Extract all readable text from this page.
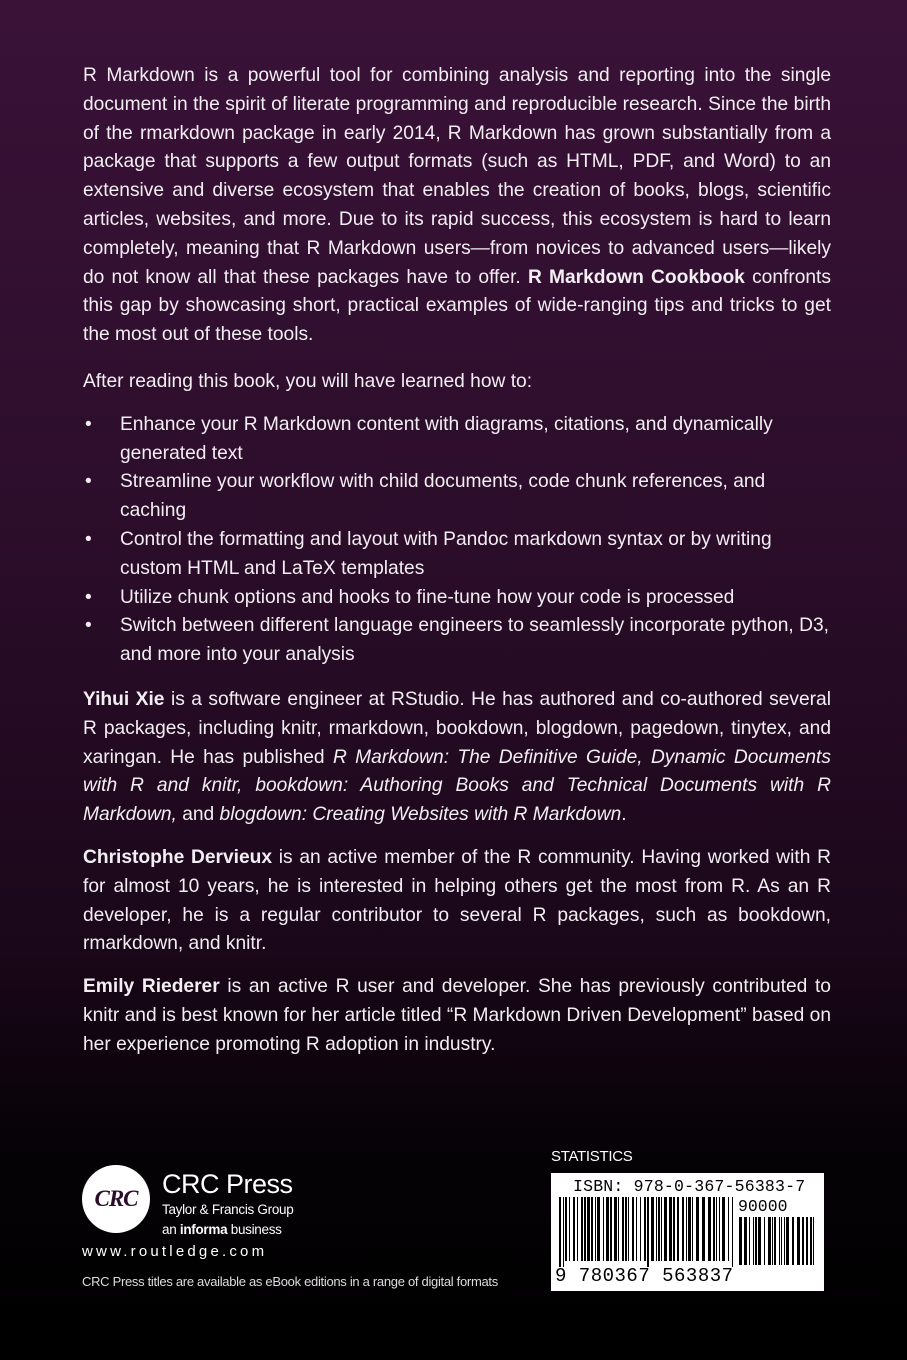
R Markdown is a powerful tool for combining analysis and reporting into the single document in the spirit of literate programming and reproducible research. Since the birth of the rmarkdown package in early 2014, R Markdown has grown substantially from a package that supports a few output formats (such as HTML, PDF, and Word) to an extensive and diverse ecosystem that enables the creation of books, blogs, scientific articles, websites, and more. Due to its rapid success, this ecosystem is hard to learn completely, meaning that R Markdown users—from novices to advanced users—likely do not know all that these packages have to offer. R Markdown Cookbook confronts this gap by showcasing short, practical examples of wide-ranging tips and tricks to get the most out of these tools.

After reading this book, you will have learned how to:

• Enhance your R Markdown content with diagrams, citations, and dynamically generated text
• Streamline your workflow with child documents, code chunk references, and caching
• Control the formatting and layout with Pandoc markdown syntax or by writing custom HTML and LaTeX templates
• Utilize chunk options and hooks to fine-tune how your code is processed
• Switch between different language engineers to seamlessly incorporate python, D3, and more into your analysis

Yihui Xie is a software engineer at RStudio. He has authored and co-authored several R packages, including knitr, rmarkdown, bookdown, blogdown, pagedown, tinytex, and xaringan. He has published R Markdown: The Definitive Guide, Dynamic Documents with R and knitr, bookdown: Authoring Books and Technical Documents with R Markdown, and blogdown: Creating Websites with R Markdown.

Christophe Dervieux is an active member of the R community. Having worked with R for almost 10 years, he is interested in helping others get the most from R. As an R developer, he is a regular contributor to several R packages, such as bookdown, rmarkdown, and knitr.

Emily Riederer is an active R user and developer. She has previously contributed to knitr and is best known for her article titled “R Markdown Driven Development” based on her experience promoting R adoption in industry.

CRC CRC Press
Taylor & Francis Group
an informa business
www.routledge.com
CRC Press titles are available as eBook editions in a range of digital formats
STATISTICS
ISBN: 978-0-367-56383-7
90000
9 780367 563837
